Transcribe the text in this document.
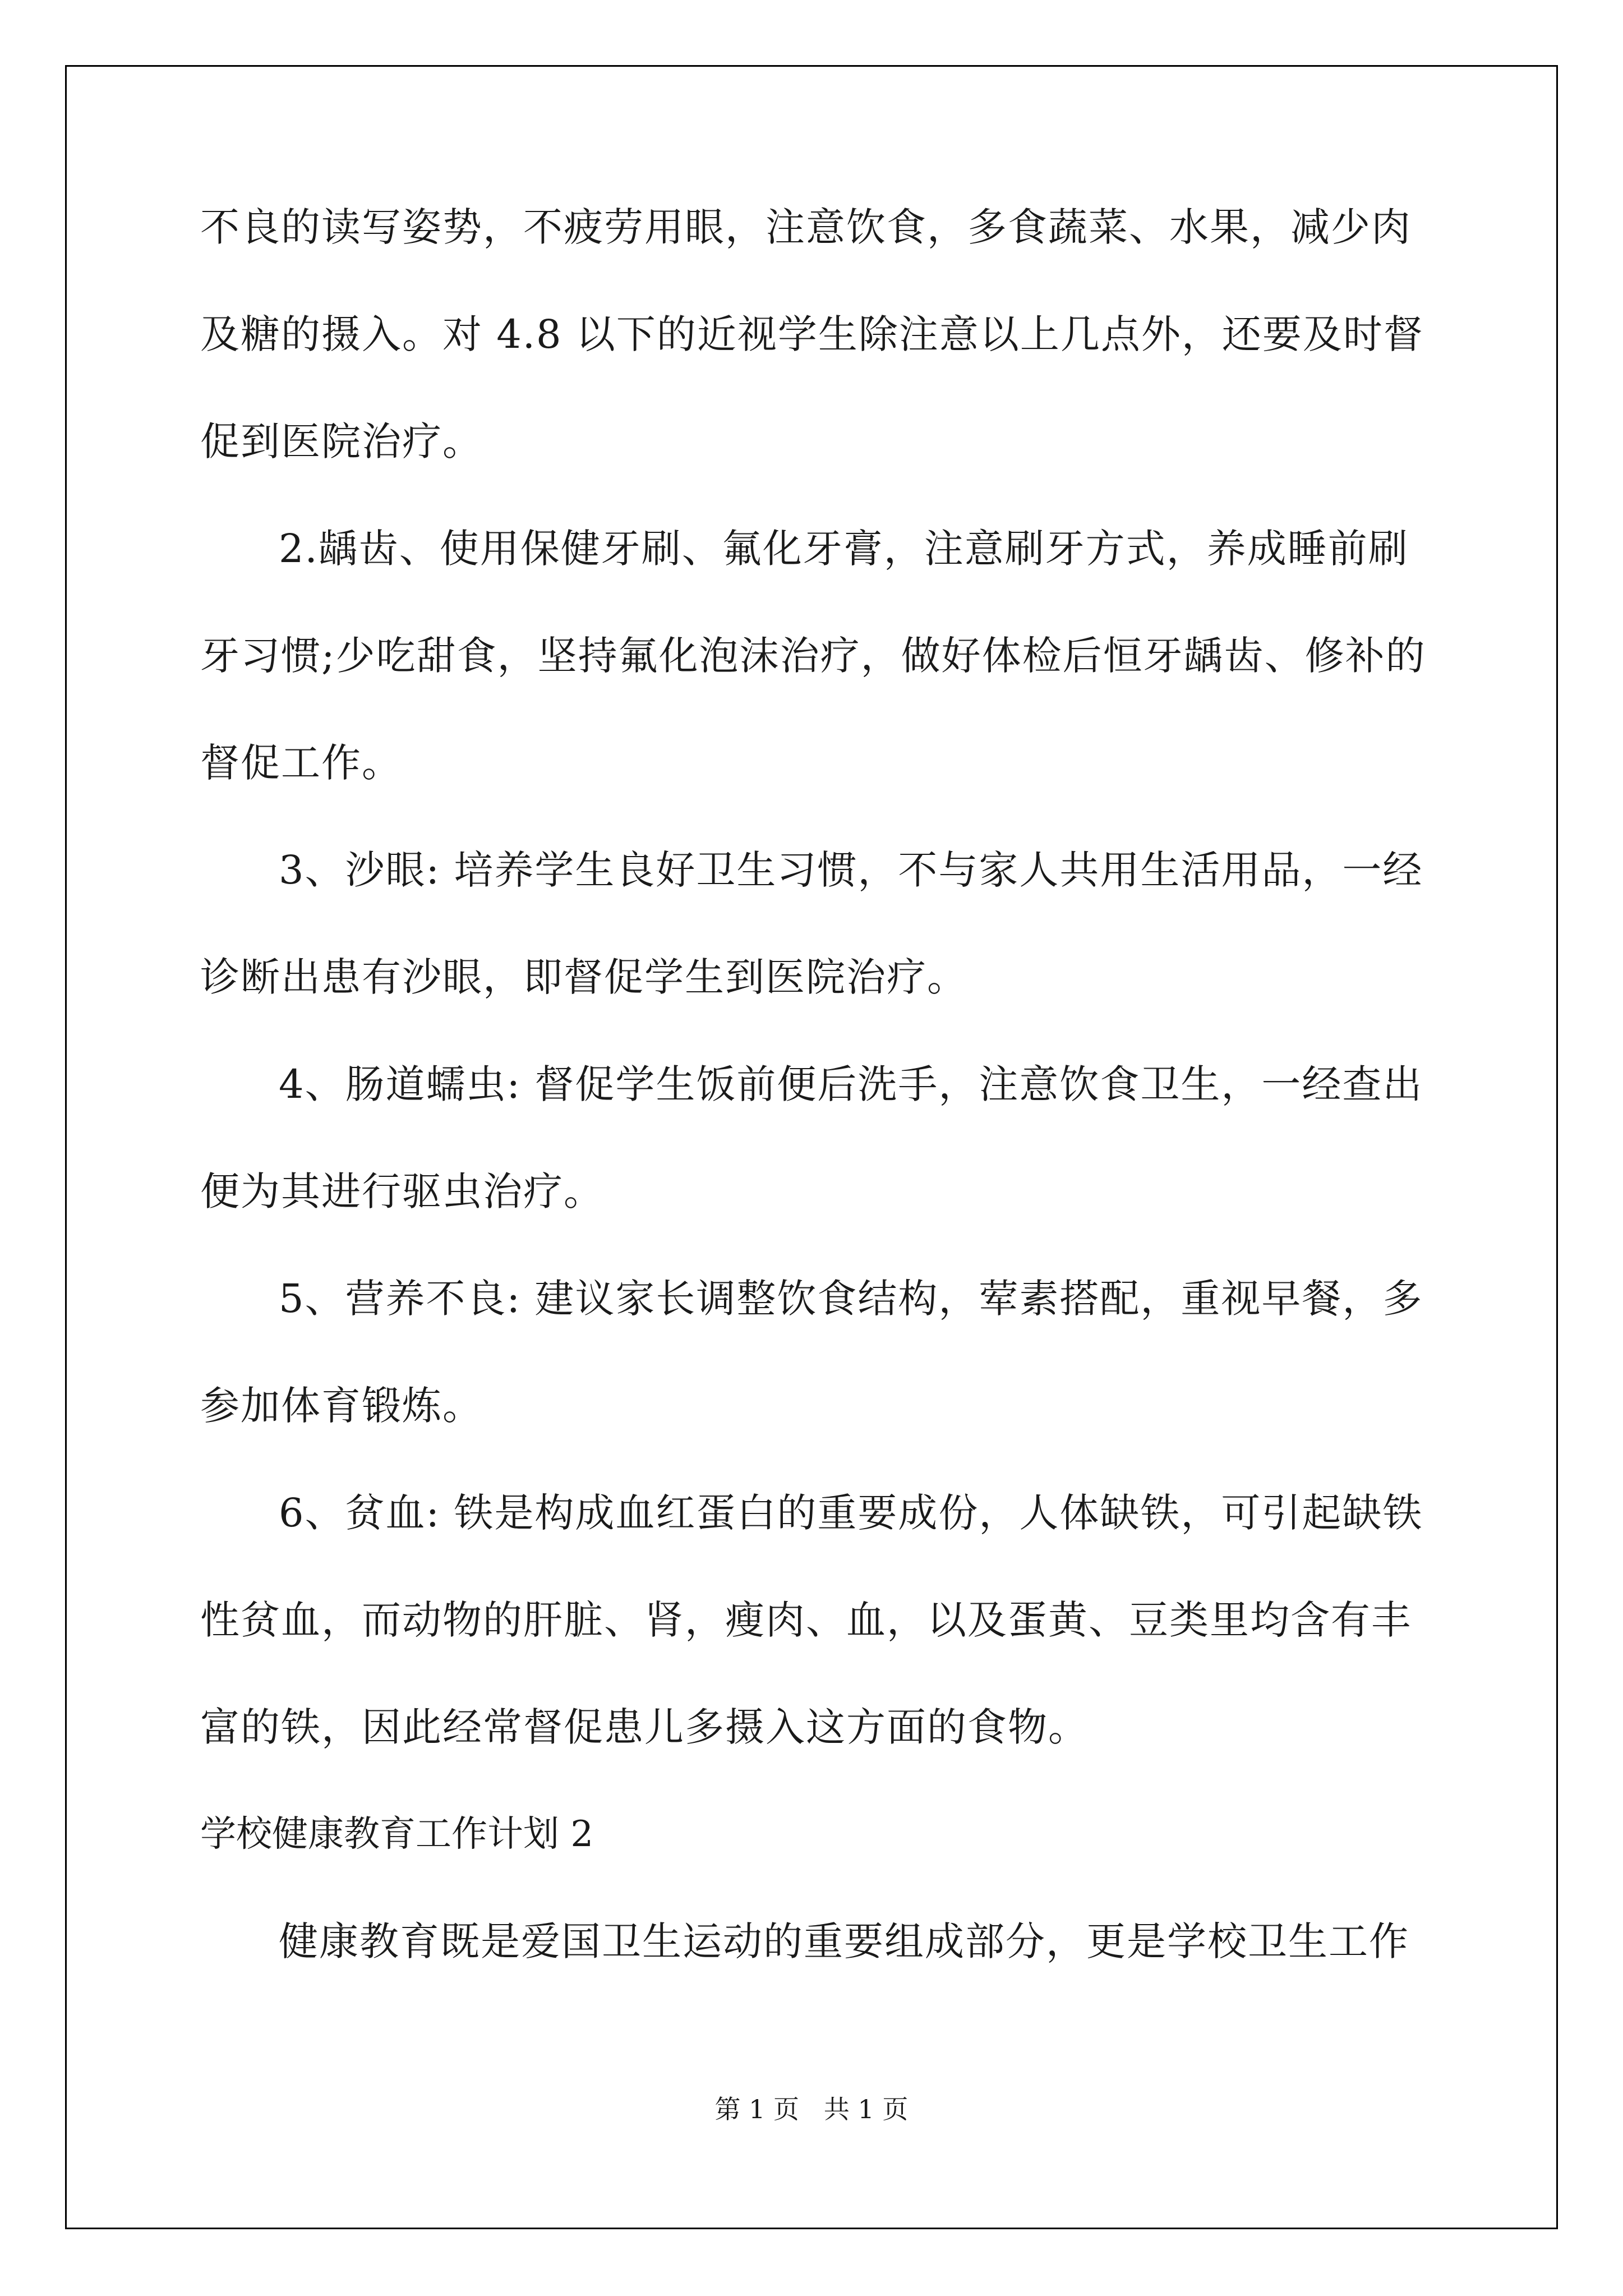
不良的读写姿势，不疲劳用眼，注意饮食，多食蔬菜、水果，减少肉
及糖的摄入。对 4.8 以下的近视学生除注意以上几点外，还要及时督
促到医院治疗。
2.龋齿、使用保健牙刷、氟化牙膏，注意刷牙方式，养成睡前刷
牙习惯;少吃甜食，坚持氟化泡沫治疗，做好体检后恒牙龋齿、修补的
督促工作。
3、沙眼: 培养学生良好卫生习惯，不与家人共用生活用品，一经
诊断出患有沙眼，即督促学生到医院治疗。
4、肠道蠕虫: 督促学生饭前便后洗手，注意饮食卫生，一经查出
便为其进行驱虫治疗。
5、营养不良: 建议家长调整饮食结构，荤素搭配，重视早餐，多
参加体育锻炼。
6、贫血: 铁是构成血红蛋白的重要成份，人体缺铁，可引起缺铁
性贫血，而动物的肝脏、肾，瘦肉、血，以及蛋黄、豆类里均含有丰
富的铁，因此经常督促患儿多摄入这方面的食物。
学校健康教育工作计划 2
健康教育既是爱国卫生运动的重要组成部分，更是学校卫生工作
第 1 页   共 1 页
